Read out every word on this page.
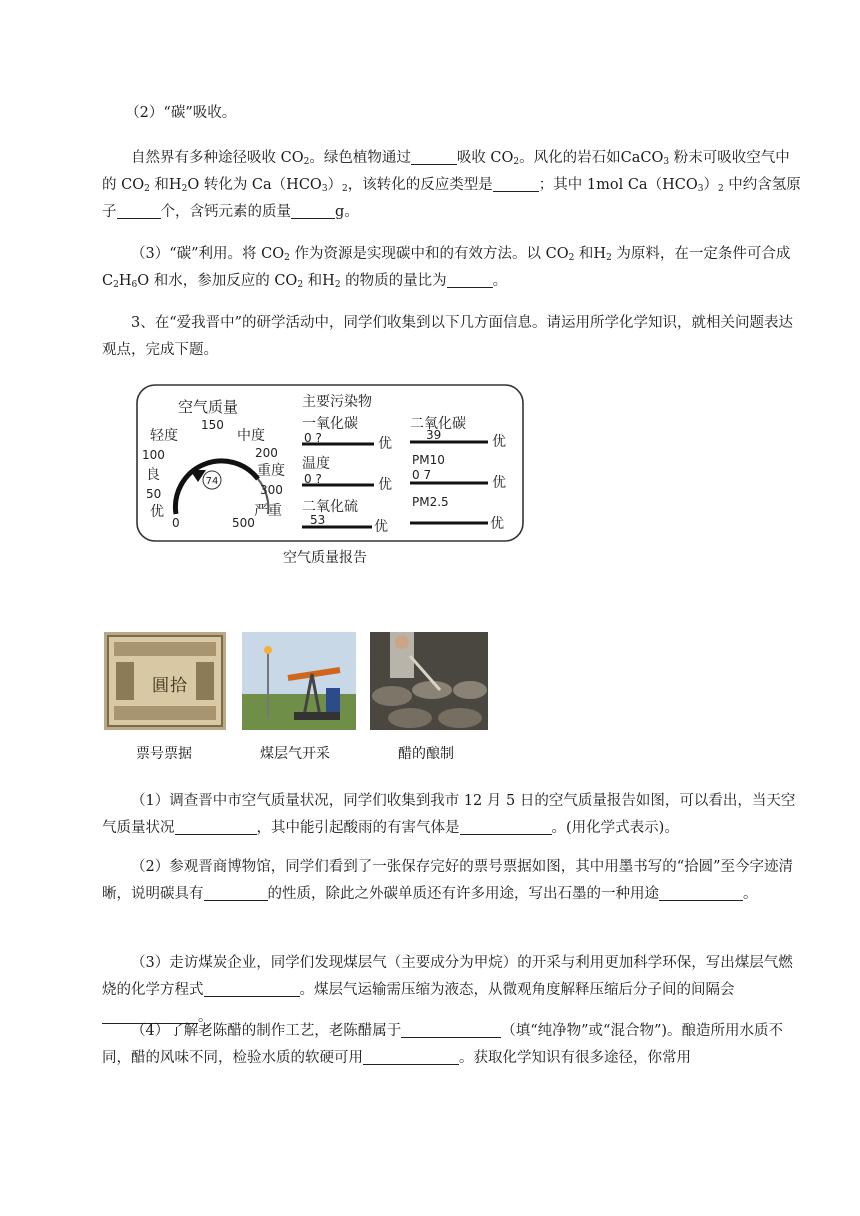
（2）“碳”吸收。

自然界有多种途径吸收 $CO_2$。绿色植物通过	吸收 $CO_2$。风化的岩石如CaCO$_3$ 粉末可吸收空气中的 $CO_2$ 和$H_2O$ 转化为 $Ca(HCO_3)_2$，该转化的反应类型是	；其中 1mol $Ca(HCO_3)_2$ 中约含氢原子	个，含钙元素的质量	g。

（3）“碳”利用。将 $CO_2$ 作为资源是实现碳中和的有效方法。以 $CO_2$ 和$H_2$ 为原料，在一定条件可合成 $C_2H_6O$ 和水，参加反应的 $CO_2$ 和$H_2$ 的物质的量比为	。

3、在“爱我晋中”的研学活动中，同学们收集到以下几方面信息。请运用所学化学知识，就相关问题表达观点，完成下题。

74
空气质量
150
轻度
100
良
50
优
0
中度
200
重度
300
严重
500
主要污染物
一氧化碳
0 ?	优
温度
0 ?	优
二氧化硫
53	优
二氧化碳
39	优
PM10
0 7	优
PM2.5
优
空气质量报告
圓 拾
票号票据	煤层气开采	醋的酿制

（1）调查晋中市空气质量状况，同学们收集到我市 12 月 5 日的空气质量报告如图，可以看出，当天空气质量状况	，其中能引起酸雨的有害气体是	。(用化学式表示)。

（2）参观晋商博物馆，同学们看到了一张保存完好的票号票据如图，其中用墨书写的“拾圆”至今字迹清晰，说明碳具有	的性质，除此之外碳单质还有许多用途，写出石墨的一种用途	。

（3）走访煤炭企业，同学们发现煤层气（主要成分为甲烷）的开采与利用更加科学环保，写出煤层气燃烧的化学方程式	。煤层气运输需压缩为液态，从微观角度解释压缩后分子间的间隔会。

（4）了解老陈醋的制作工艺，老陈醋属于	（填“纯净物”或“混合物”)。酿造所用水质不同，醋的风味不同，检验水质的软硬可用	。获取化学知识有很多途径，你常用
